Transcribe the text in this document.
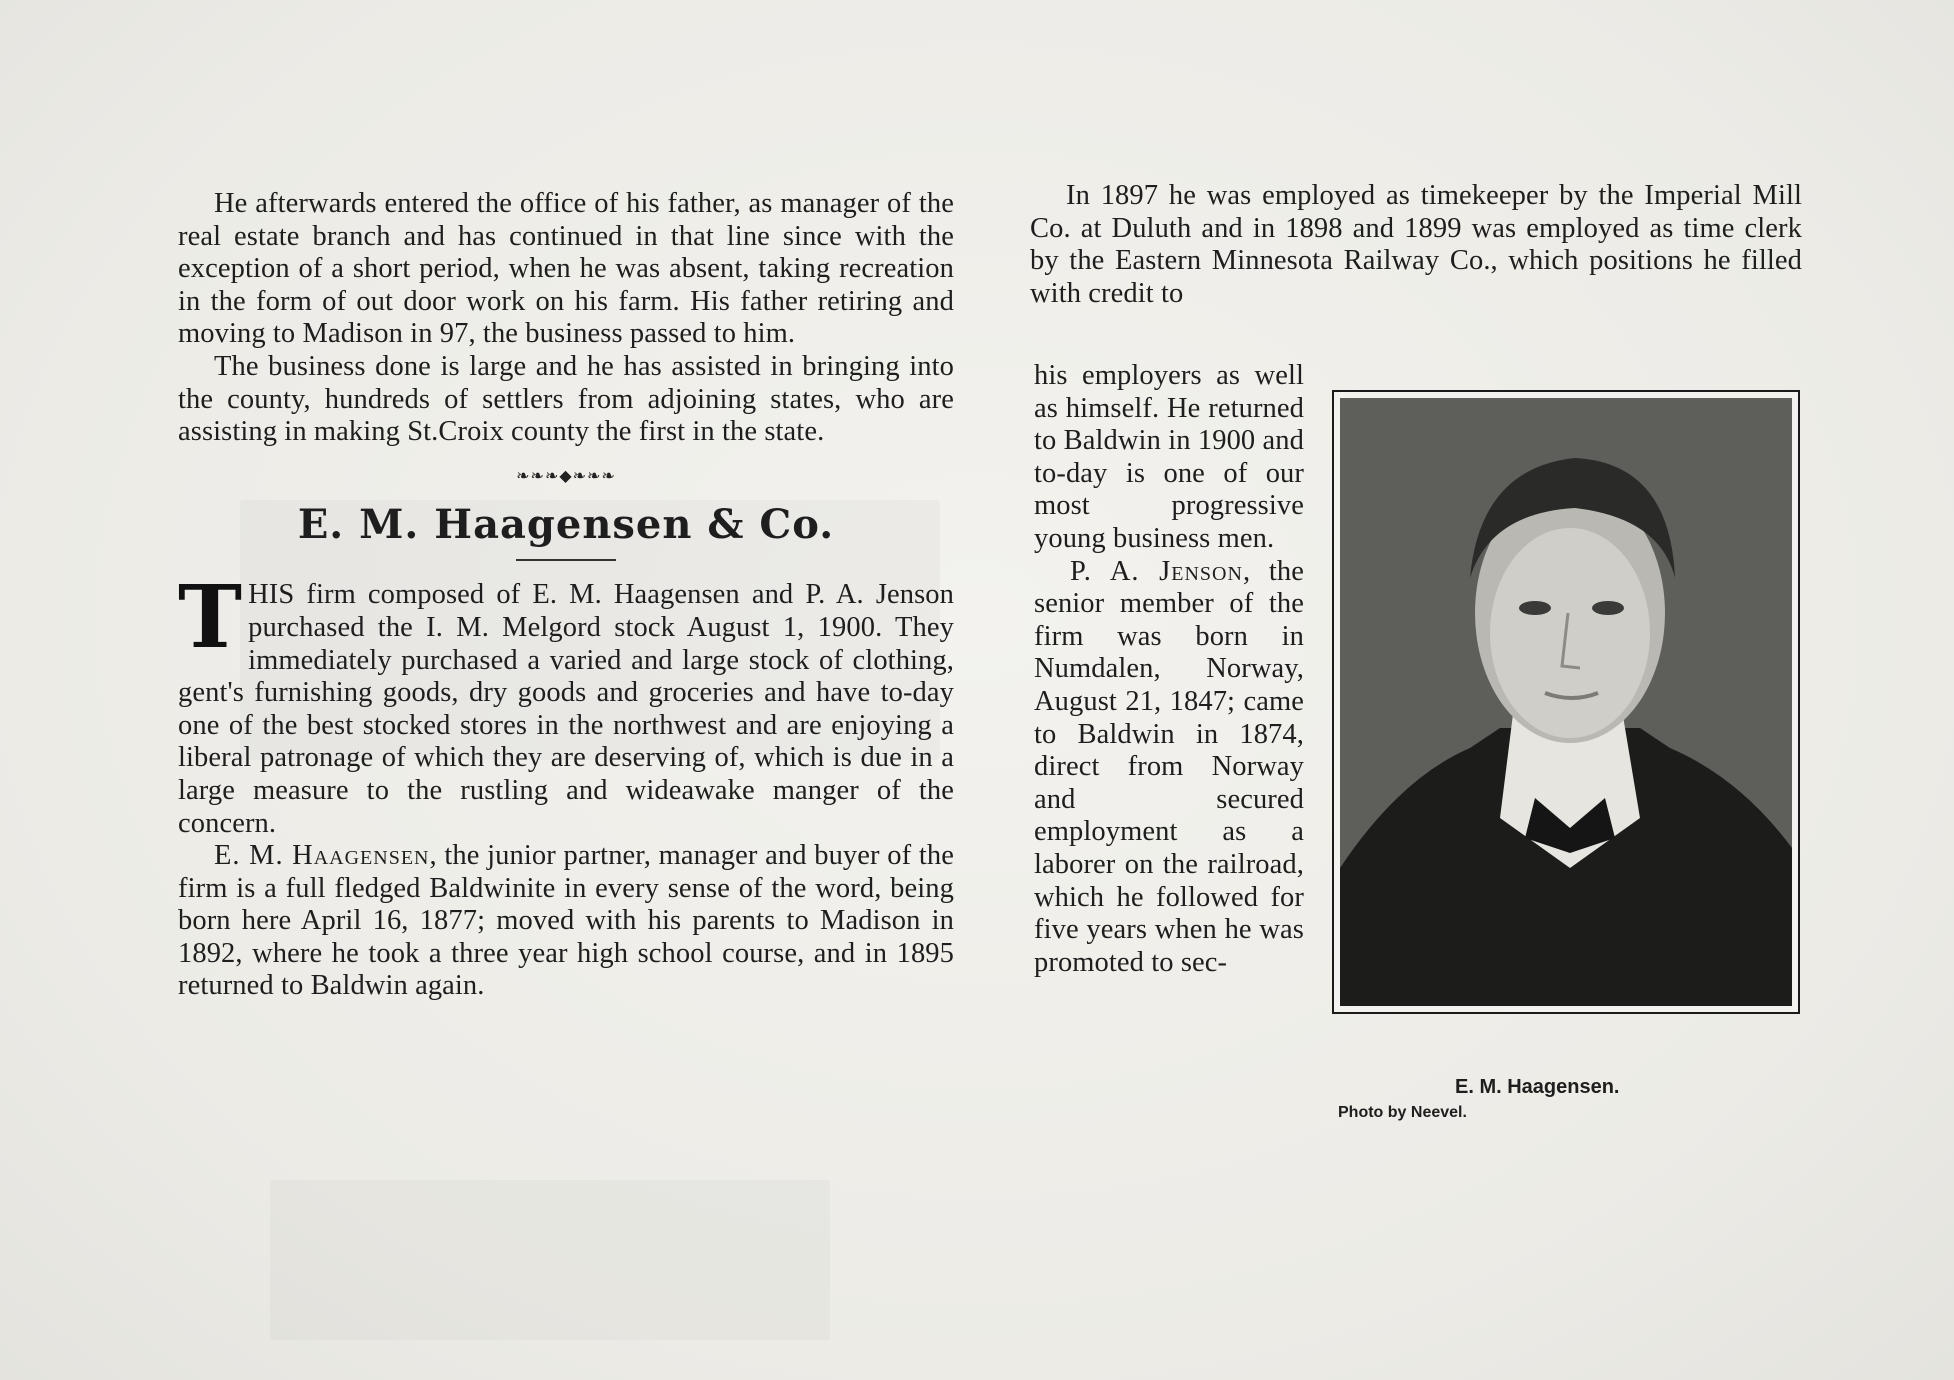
He afterwards entered the office of his father, as manager of the real estate branch and has continued in that line since with the exception of a short period, when he was absent, taking recreation in the form of out door work on his farm. His father retiring and moving to Madison in 97, the business passed to him.

The business done is large and he has assisted in bringing into the county, hundreds of settlers from adjoining states, who are assisting in making St.Croix county the first in the state.

❧❧❧◆❧❧❧
E. M. Haagensen & Co.

THIS firm composed of E. M. Haagensen and P. A. Jenson purchased the I. M. Melgord stock August 1, 1900. They immediately purchased a varied and large stock of clothing, gent's furnishing goods, dry goods and groceries and have to-day one of the best stocked stores in the northwest and are enjoying a liberal patronage of which they are deserving of, which is due in a large measure to the rustling and wideawake manger of the concern.

E. M. Haagensen, the junior partner, manager and buyer of the firm is a full fledged Baldwinite in every sense of the word, being born here April 16, 1877; moved with his parents to Madison in 1892, where he took a three year high school course, and in 1895 returned to Baldwin again.

In 1897 he was employed as timekeeper by the Imperial Mill Co. at Duluth and in 1898 and 1899 was employed as time clerk by the Eastern Minnesota Railway Co., which positions he filled with credit to

his employers as well as himself. He returned to Baldwin in 1900 and to-day is one of our most progressive young business men.

P. A. Jenson, the senior member of the firm was born in Numdalen, Norway, August 21, 1847; came to Baldwin in 1874, direct from Norway and secured employment as a laborer on the railroad, which he followed for five years when he was promoted to sec-

E. M. Haagensen.
Photo by Neevel.
